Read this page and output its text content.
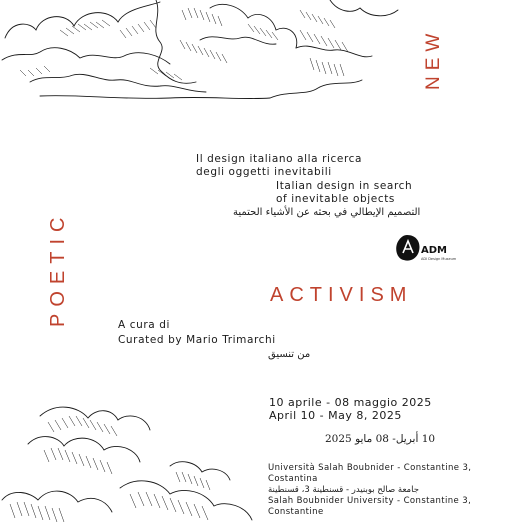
NEW
POETIC	ACTIVISM
Il design italiano alla ricerca
degli oggetti inevitabili
Italian design in search
of inevitable objects
التصميم الإيطالي في بحثه عن الأشياء الحتمية
ADM
ADI Design Museum
A cura di
Curated by Mario Trimarchi
من تنسيق
10 aprile - 08 maggio 2025
April 10 - May 8, 2025
10 أبريل- 08 مايو 2025
Università Salah Boubnider - Constantine 3,
Costantina
جامعة صالح بوبنيدر - قسنطينة 3، قسنطينة
Salah Boubnider University - Constantine 3,
Constantine
